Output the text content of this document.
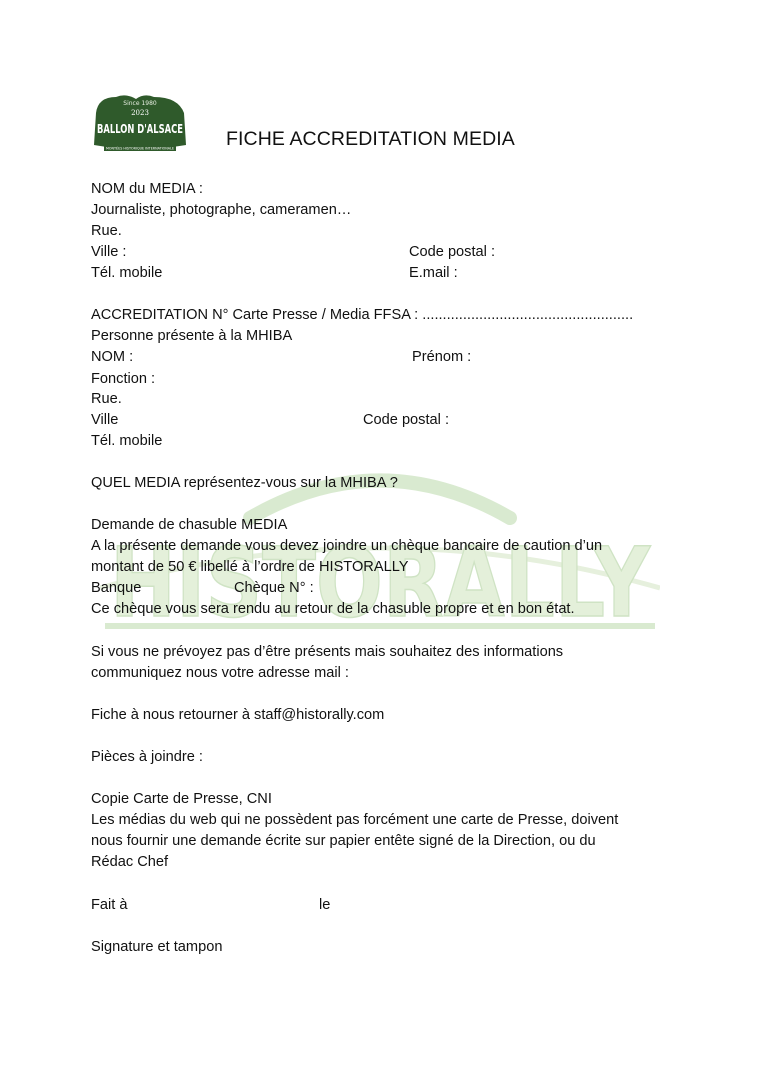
HISTORALLY
Since 1980
2023
BALLON D'ALSACE
MONTÉES HISTORIQUE INTERNATIONALE	FICHE ACCREDITATION MEDIA
NOM du MEDIA :
Journaliste, photographe, cameramen…
Rue.
Ville :	Code postal :
Tél. mobile	E.mail :
ACCREDITATION N° Carte Presse / Media FFSA : ....................................................
Personne présente à la MHIBA
NOM :	Prénom :
Fonction :
Rue.
Ville	Code postal :
Tél. mobile
QUEL MEDIA représentez-vous sur la MHIBA ?
Demande de chasuble MEDIA
A la présente demande vous devez joindre un chèque bancaire de caution d’un
montant de 50 € libellé à l’ordre de HISTORALLY
Banque	Chèque N° :
Ce chèque vous sera rendu au retour de la chasuble propre et en bon état.
Si vous ne prévoyez pas d’être présents mais souhaitez des informations
communiquez nous votre adresse mail :
Fiche à nous retourner à staff@historally.com
Pièces à joindre :
Copie Carte de Presse, CNI
Les médias du web qui ne possèdent pas forcément une carte de Presse, doivent
nous fournir une demande écrite sur papier entête signé de la Direction, ou du
Rédac Chef
Fait à	le
Signature et tampon
